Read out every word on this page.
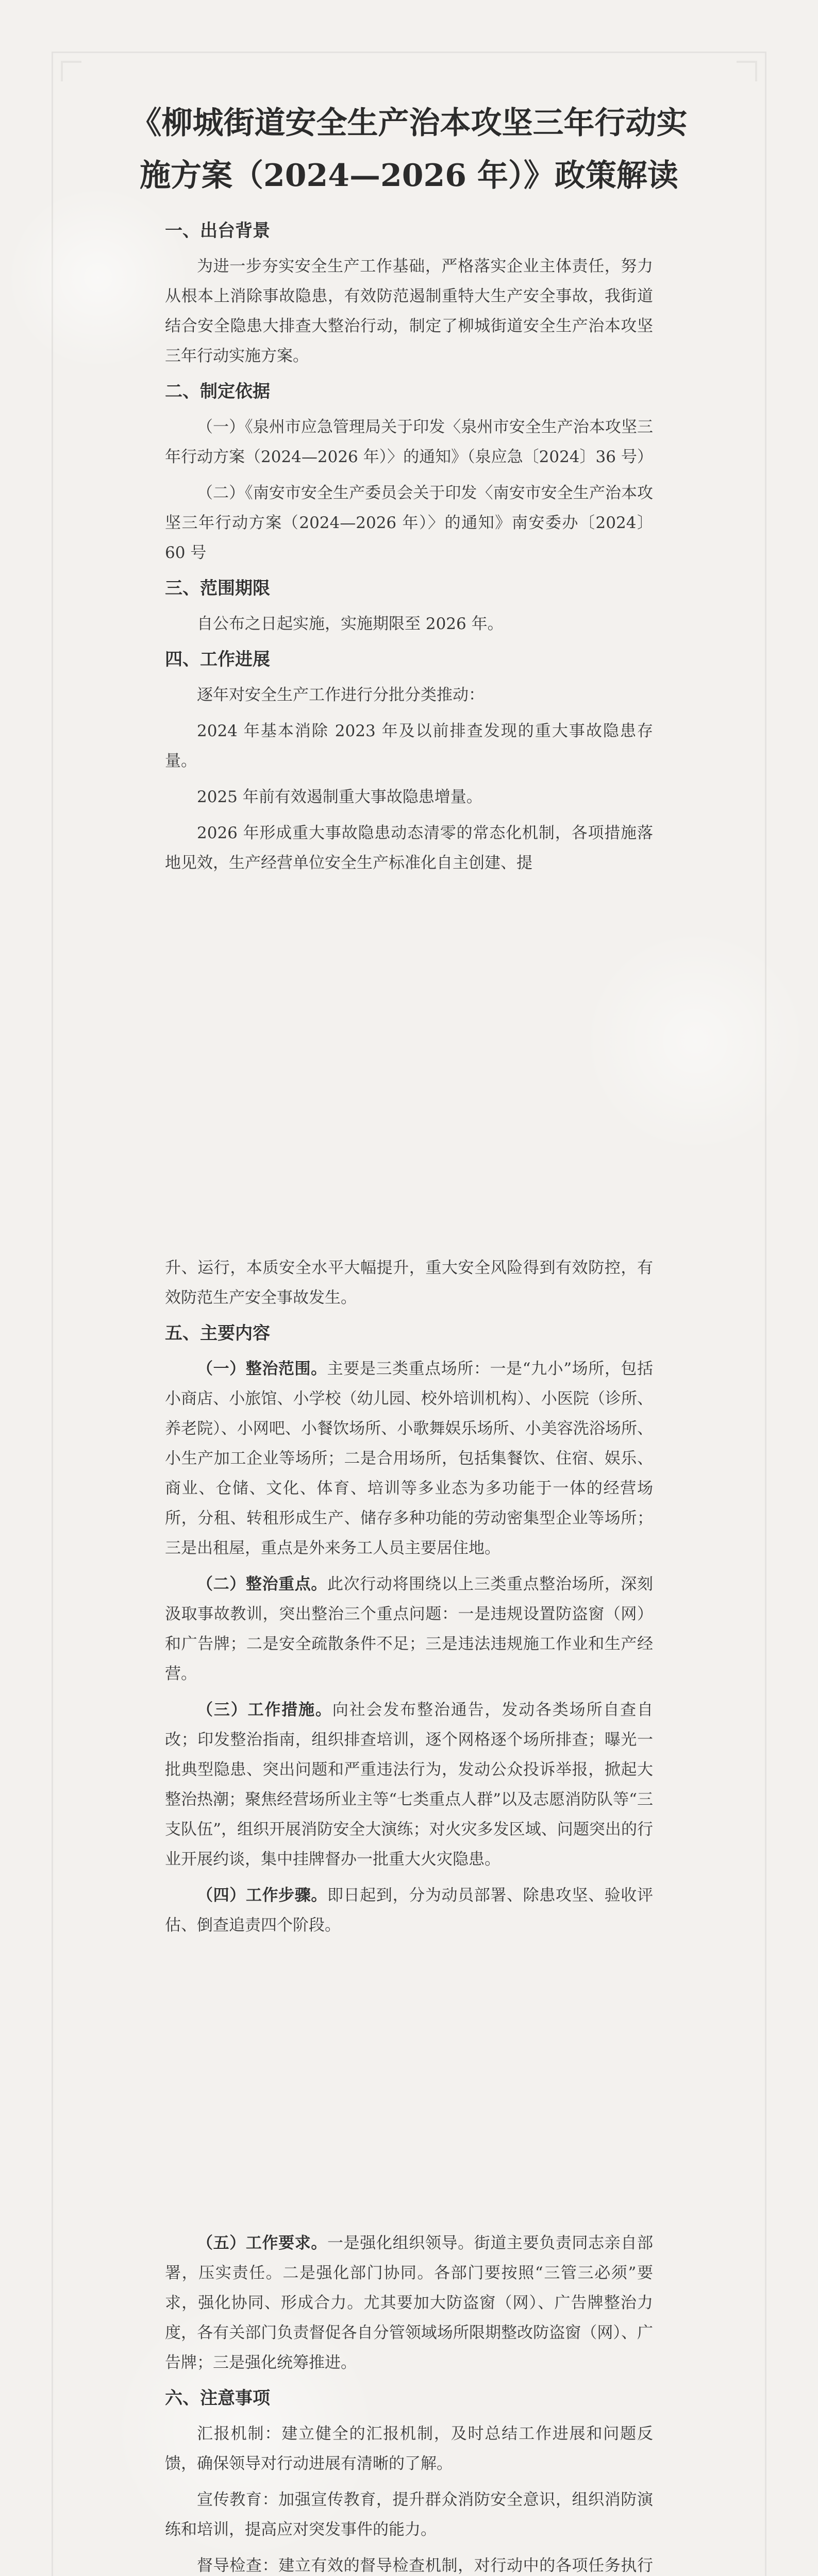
《柳城街道安全生产治本攻坚三年行动实
施方案（2024—2026 年）》政策解读

一、出台背景

为进一步夯实安全生产工作基础，严格落实企业主体责任，努力从根本上消除事故隐患，有效防范遏制重特大生产安全事故，我街道结合安全隐患大排查大整治行动，制定了柳城街道安全生产治本攻坚三年行动实施方案。

二、制定依据

（一）《泉州市应急管理局关于印发〈泉州市安全生产治本攻坚三年行动方案（2024—2026 年）〉的通知》（泉应急〔2024〕36 号）

（二）《南安市安全生产委员会关于印发〈南安市安全生产治本攻坚三年行动方案（2024—2026 年）〉的通知》南安委办〔2024〕60 号

三、范围期限

自公布之日起实施，实施期限至 2026 年。

四、工作进展

逐年对安全生产工作进行分批分类推动：

2024 年基本消除 2023 年及以前排查发现的重大事故隐患存量。

2025 年前有效遏制重大事故隐患增量。

2026 年形成重大事故隐患动态清零的常态化机制，各项措施落地见效，生产经营单位安全生产标准化自主创建、提

升、运行，本质安全水平大幅提升，重大安全风险得到有效防控，有效防范生产安全事故发生。

五、主要内容

（一）整治范围。主要是三类重点场所：一是“九小”场所，包括小商店、小旅馆、小学校（幼儿园、校外培训机构）、小医院（诊所、养老院）、小网吧、小餐饮场所、小歌舞娱乐场所、小美容洗浴场所、小生产加工企业等场所；二是合用场所，包括集餐饮、住宿、娱乐、商业、仓储、文化、体育、培训等多业态为多功能于一体的经营场所，分租、转租形成生产、储存多种功能的劳动密集型企业等场所；三是出租屋，重点是外来务工人员主要居住地。

（二）整治重点。此次行动将围绕以上三类重点整治场所，深刻汲取事故教训，突出整治三个重点问题：一是违规设置防盗窗（网）和广告牌；二是安全疏散条件不足；三是违法违规施工作业和生产经营。

（三）工作措施。向社会发布整治通告，发动各类场所自查自改；印发整治指南，组织排查培训，逐个网格逐个场所排查；曝光一批典型隐患、突出问题和严重违法行为，发动公众投诉举报，掀起大整治热潮；聚焦经营场所业主等“七类重点人群”以及志愿消防队等“三支队伍”，组织开展消防安全大演练；对火灾多发区域、问题突出的行业开展约谈，集中挂牌督办一批重大火灾隐患。

（四）工作步骤。即日起到，分为动员部署、除患攻坚、验收评估、倒查追责四个阶段。

（五）工作要求。一是强化组织领导。街道主要负责同志亲自部署，压实责任。二是强化部门协同。各部门要按照“三管三必须”要求，强化协同、形成合力。尤其要加大防盗窗（网）、广告牌整治力度，各有关部门负责督促各自分管领域场所限期整改防盗窗（网）、广告牌；三是强化统筹推进。

六、注意事项

汇报机制：建立健全的汇报机制，及时总结工作进展和问题反馈，确保领导对行动进展有清晰的了解。

宣传教育：加强宣传教育，提升群众消防安全意识，组织消防演练和培训，提高应对突发事件的能力。

督导检查：建立有效的督导检查机制，对行动中的各项任务执行
